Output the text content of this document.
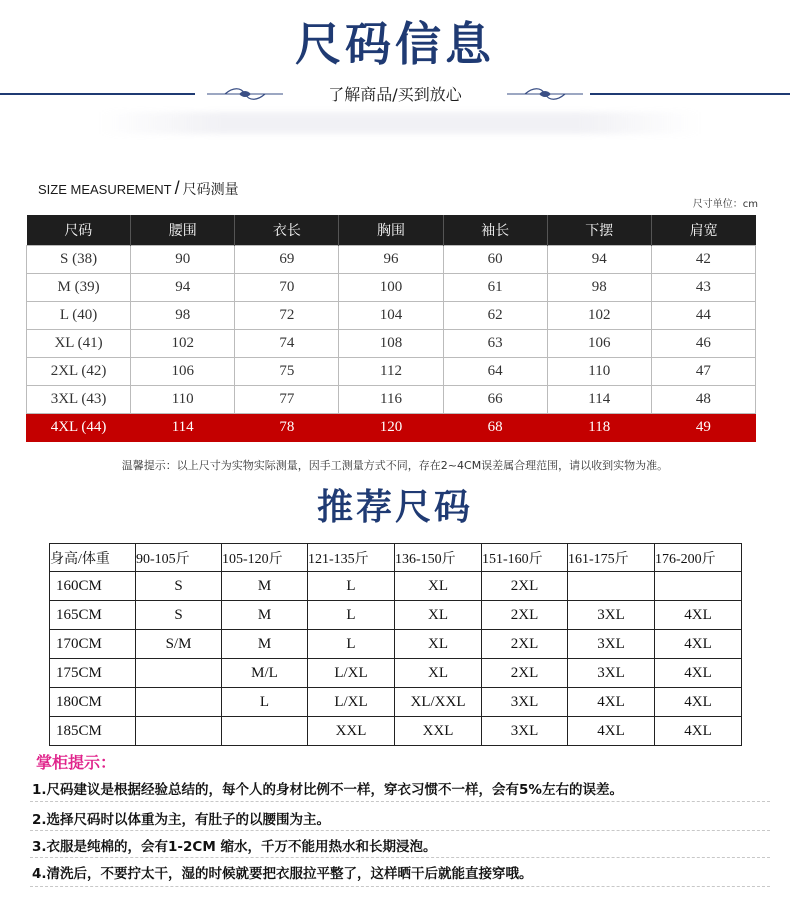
尺码信息
了解商品/买到放心
SIZE MEASUREMENT / 尺码测量
尺寸单位：cm
尺码	腰围	衣长	胸围	袖长	下摆	肩宽
S (38)	90	69	96	60	94	42
M (39)	94	70	100	61	98	43
L (40)	98	72	104	62	102	44
XL (41)	102	74	108	63	106	46
2XL (42)	106	75	112	64	110	47
3XL (43)	110	77	116	66	114	48
4XL (44)	114	78	120	68	118	49
温馨提示：以上尺寸为实物实际测量，因手工测量方式不同，存在2~4CM误差属合理范围，请以收到实物为准。
推荐尺码
身高/体重	90-105斤	105-120斤	121-135斤	136-150斤	151-160斤	161-175斤	176-200斤
160CM	S	M	L	XL	2XL		
165CM	S	M	L	XL	2XL	3XL	4XL
170CM	S/M	M	L	XL	2XL	3XL	4XL
175CM		M/L	L/XL	XL	2XL	3XL	4XL
180CM		L	L/XL	XL/XXL	3XL	4XL	4XL
185CM			XXL	XXL	3XL	4XL	4XL
掌柜提示：
1.尺码建议是根据经验总结的，每个人的身材比例不一样，穿衣习惯不一样，会有5%左右的误差。
2.选择尺码时以体重为主，有肚子的以腰围为主。
3.衣服是纯棉的，会有1-2CM 缩水，千万不能用热水和长期浸泡。
4.清洗后，不要拧太干，湿的时候就要把衣服拉平整了，这样晒干后就能直接穿哦。
